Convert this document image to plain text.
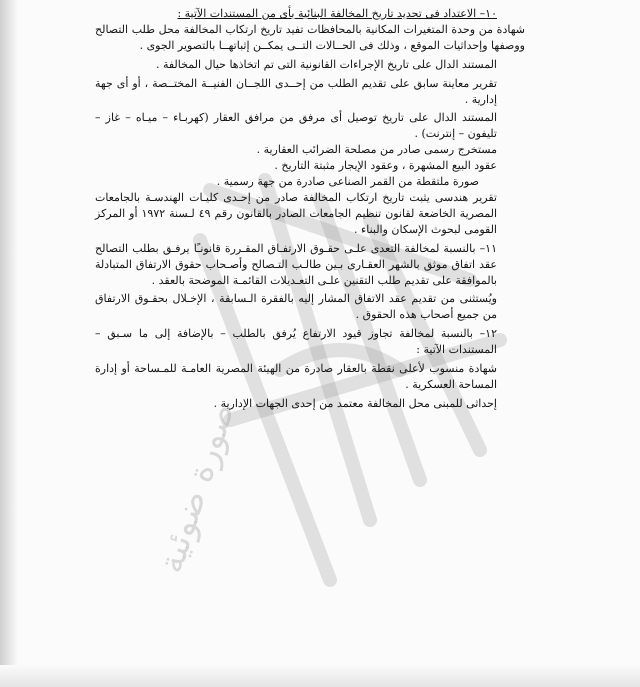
صورة ضوئية

١٠– الاعتداد فى تحديد تاريخ المخالفة البنائية بأى من المستندات الآتية :

شهادة من وحدة المتغيرات المكانية بالمحافظات تفيد تاريخ ارتكاب المخالفة محل طلب التصالح ووصفها وإحداثيات الموقع ، وذلك فى الحــالات التــى يمكــن إثباتهــا بالتصوير الجوى .

المستند الدال على تاريخ الإجراءات القانونية التى تم اتخاذها حيال المخالفة .

تقرير معاينة سابق على تقديم الطلب من إحــدى اللجــان الفنيــة المختــصة ، أو أى جهة إدارية .

المستند الدال على تاريخ توصيل أى مرفق من مرافق العقار (كهربـاء – ميـاه – غاز – تليفون – إنترنت) .

مستخرج رسمى صادر من مصلحة الضرائب العقارية .

عقود البيع المشهرة ، وعقود الإيجار مثبتة التاريخ .

صورة ملتقطة من القمر الصناعى صادرة من جهة رسمية .

تقرير هندسى يثبت تاريخ ارتكاب المخالفة صادر من إحـدى كليـات الهندسـة بالجامعات المصرية الخاضعة لقانون تنظيم الجامعات الصادر بالقانون رقم ٤٩ لـسنة ١٩٧٢ أو المركز القومى لبحوث الإسكان والبناء .

١١– بالنسبة لمخالفة التعدى علـى حقـوق الارتفـاق المقـررة قانونـًا يرفـق بطلب التصالح عقد اتفاق موثق بالشهر العقـارى بـين طالـب التـصالح وأصـحاب حقوق الارتفاق المتبادلة بالموافقة على تقديم طلب التقنين علـى التعـديلات القائمـة الموضحة بالعقد .

ويُستثنى من تقديم عقد الاتفاق المشار إليه بالفقرة الـسابقة ، الإخـلال بحقـوق الارتفاق من جميع أصحاب هذه الحقوق .

١٢– بالنسبة لمخالفة تجاوز قيود الارتفاع يُرفق بالطلب – بالإضافة إلى ما سـبق – المستندات الآتية :

شهادة منسوب لأعلى نقطة بالعقار صادرة من الهيئة المصرية العامـة للمـساحة أو إدارة المساحة العسكرية .

إحداثى للمبنى محل المخالفة معتمد من إحدى الجهات الإدارية .
